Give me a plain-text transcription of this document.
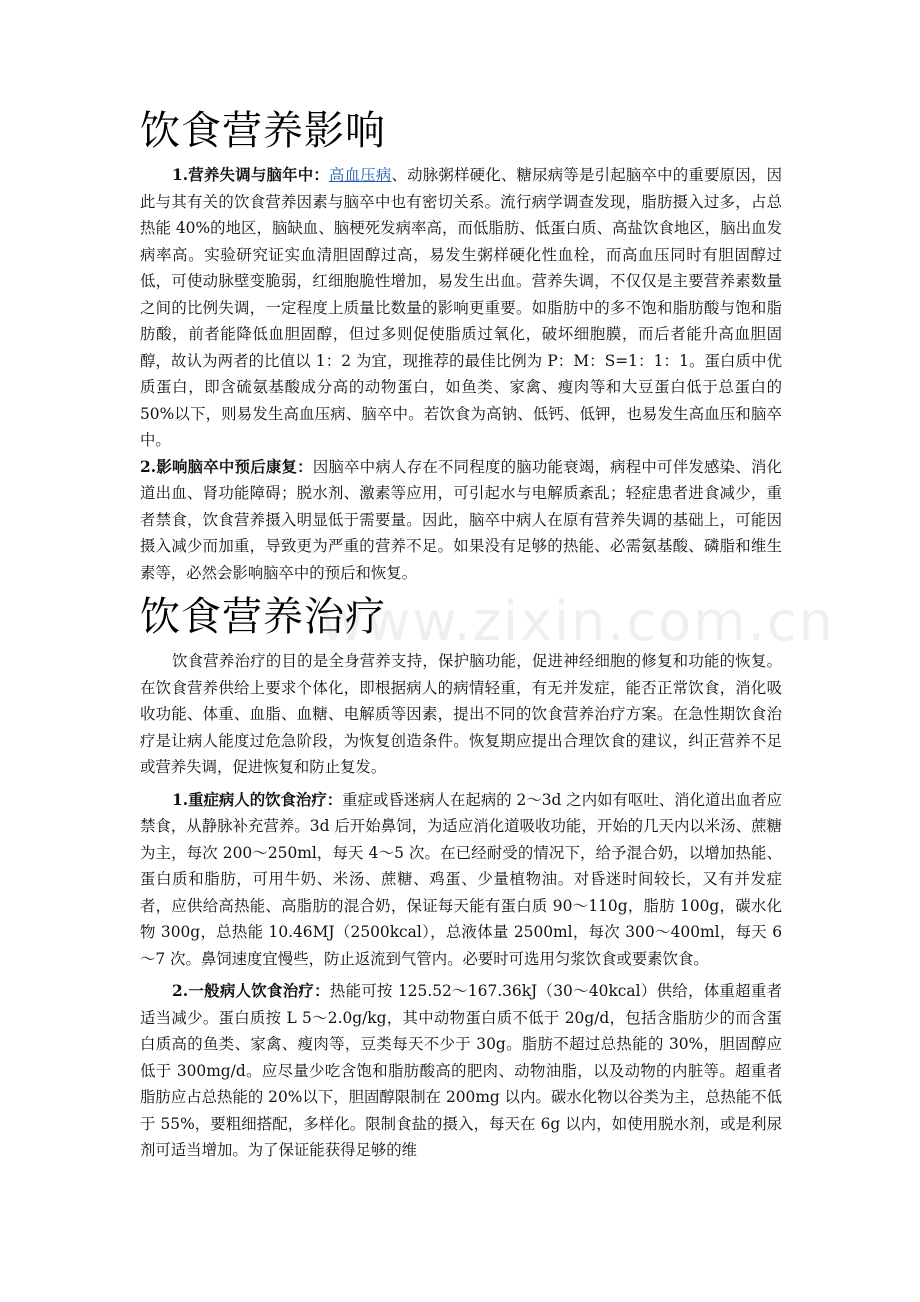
www.zixin.com.cn
饮食营养影响

1.营养失调与脑年中：高血压病、动脉粥样硬化、糖尿病等是引起脑卒中的重要原因，因此与其有关的饮食营养因素与脑卒中也有密切关系。流行病学调查发现，脂肪摄入过多，占总热能 40%的地区，脑缺血、脑梗死发病率高，而低脂肪、低蛋白质、高盐饮食地区，脑出血发病率高。实验研究证实血清胆固醇过高，易发生粥样硬化性血栓，而高血压同时有胆固醇过低，可使动脉壁变脆弱，红细胞脆性增加，易发生出血。营养失调，不仅仅是主要营养素数量之间的比例失调，一定程度上质量比数量的影响更重要。如脂肪中的多不饱和脂肪酸与饱和脂肪酸，前者能降低血胆固醇，但过多则促使脂质过氧化，破坏细胞膜，而后者能升高血胆固醇，故认为两者的比值以 1：2 为宜，现推荐的最佳比例为 P：M：S=1：1：1。蛋白质中优质蛋白，即含硫氨基酸成分高的动物蛋白，如鱼类、家禽、瘦肉等和大豆蛋白低于总蛋白的 50%以下，则易发生高血压病、脑卒中。若饮食为高钠、低钙、低钾，也易发生高血压和脑卒中。

2.影响脑卒中预后康复：因脑卒中病人存在不同程度的脑功能衰竭，病程中可伴发感染、消化道出血、肾功能障碍；脱水剂、激素等应用，可引起水与电解质紊乱；轻症患者进食减少，重者禁食，饮食营养摄入明显低于需要量。因此，脑卒中病人在原有营养失调的基础上，可能因摄入减少而加重，导致更为严重的营养不足。如果没有足够的热能、必需氨基酸、磷脂和维生素等，必然会影响脑卒中的预后和恢复。

饮食营养治疗

饮食营养治疗的目的是全身营养支持，保护脑功能，促进神经细胞的修复和功能的恢复。在饮食营养供给上要求个体化，即根据病人的病情轻重，有无并发症，能否正常饮食，消化吸收功能、体重、血脂、血糖、电解质等因素，提出不同的饮食营养治疗方案。在急性期饮食治疗是让病人能度过危急阶段，为恢复创造条件。恢复期应提出合理饮食的建议，纠正营养不足或营养失调，促进恢复和防止复发。

1.重症病人的饮食治疗：重症或昏迷病人在起病的 2～3d 之内如有呕吐、消化道出血者应禁食，从静脉补充营养。3d 后开始鼻饲，为适应消化道吸收功能，开始的几天内以米汤、蔗糖为主，每次 200～250ml，每天 4～5 次。在已经耐受的情况下，给予混合奶，以增加热能、蛋白质和脂肪，可用牛奶、米汤、蔗糖、鸡蛋、少量植物油。对昏迷时间较长，又有并发症者，应供给高热能、高脂肪的混合奶，保证每天能有蛋白质 90～110g，脂肪 100g，碳水化物 300g，总热能 10.46MJ（2500kcal），总液体量 2500ml，每次 300～400ml，每天 6～7 次。鼻饲速度宜慢些，防止返流到气管内。必要时可选用匀浆饮食或要素饮食。

2.一般病人饮食治疗：热能可按 125.52～167.36kJ（30～40kcal）供给，体重超重者适当减少。蛋白质按 L 5～2.0g/kg，其中动物蛋白质不低于 20g/d，包括含脂肪少的而含蛋白质高的鱼类、家禽、瘦肉等，豆类每天不少于 30g。脂肪不超过总热能的 30%，胆固醇应低于 300mg/d。应尽量少吃含饱和脂肪酸高的肥肉、动物油脂，以及动物的内脏等。超重者脂肪应占总热能的 20%以下，胆固醇限制在 200mg 以内。碳水化物以谷类为主，总热能不低于 55%，要粗细搭配，多样化。限制食盐的摄入，每天在 6g 以内，如使用脱水剂，或是利尿剂可适当增加。为了保证能获得足够的维
